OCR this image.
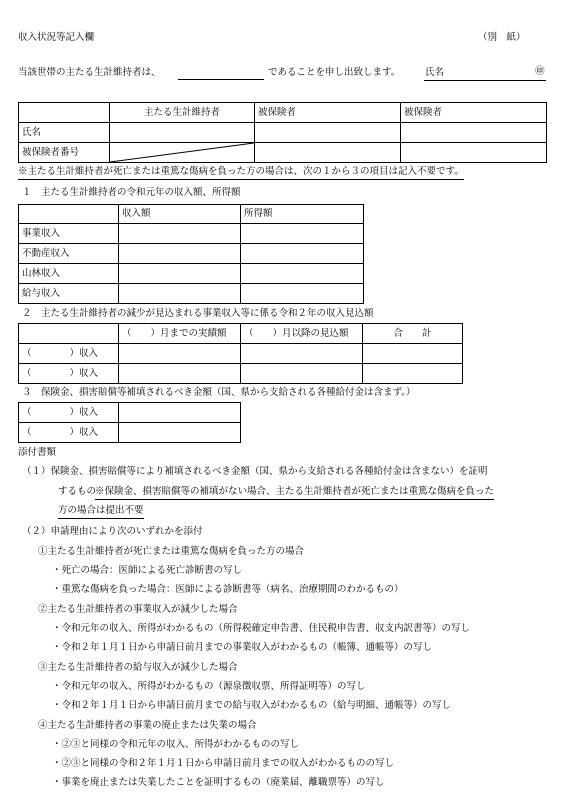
収入状況等記入欄	（別　紙）
当該世帯の主たる生計維持者は、	であることを申し出致します。	氏名	㊞
	主たる生計維持者	被保険者	被保険者
氏名			
被保険者番号	

※主たる生計維持者が死亡または重篤な傷病を負った方の場合は、次の１から３の項目は記入不要です。
１　主たる生計維持者の令和元年の収入額、所得額
	収入額	所得額
事業収入		
不動産収入		
山林収入		
給与収入		
２　主たる生計維持者の減少が見込まれる事業収入等に係る令和２年の収入見込額
	（　　）月までの実績額	（　　）月以降の見込額	合　　計
（　　　　）収入			
（　　　　）収入			
３　保険金、損害賠償等補填されるべき金額（国、県から支給される各種給付金は含まず。）
（　　　　）収入	
（　　　　）収入	
添付書類
（１）保険金、損害賠償等により補填されるべき金額（国、県から支給される各種給付金は含まない）を証明
するもの
※保険金、損害賠償等の補填がない場合、主たる生計維持者が死亡または重篤な傷病を負った
方の場合は提出不要
（２）申請理由により次のいずれかを添付
①主たる生計維持者が死亡または重篤な傷病を負った方の場合
・死亡の場合：医師による死亡診断書の写し
・重篤な傷病を負った場合：医師による診断書等（病名、治療期間のわかるもの）
②主たる生計維持者の事業収入が減少した場合
・令和元年の収入、所得がわかるもの（所得税確定申告書、住民税申告書、収支内訳書等）の写し
・令和２年１月１日から申請日前月までの事業収入がわかるもの（帳簿、通帳等）の写し
③主たる生計維持者の給与収入が減少した場合
・令和元年の収入、所得がわかるもの（源泉徴収票、所得証明等）の写し
・令和２年１月１日から申請日前月までの給与収入がわかるもの（給与明細、通帳等）の写し
④主たる生計維持者の事業の廃止または失業の場合
・②③と同様の令和元年の収入、所得がわかるものの写し
・②③と同様の令和２年１月１日から申請日前月までの収入がわかるものの写し
・事業を廃止または失業したことを証明するもの（廃業届、離職票等）の写し
